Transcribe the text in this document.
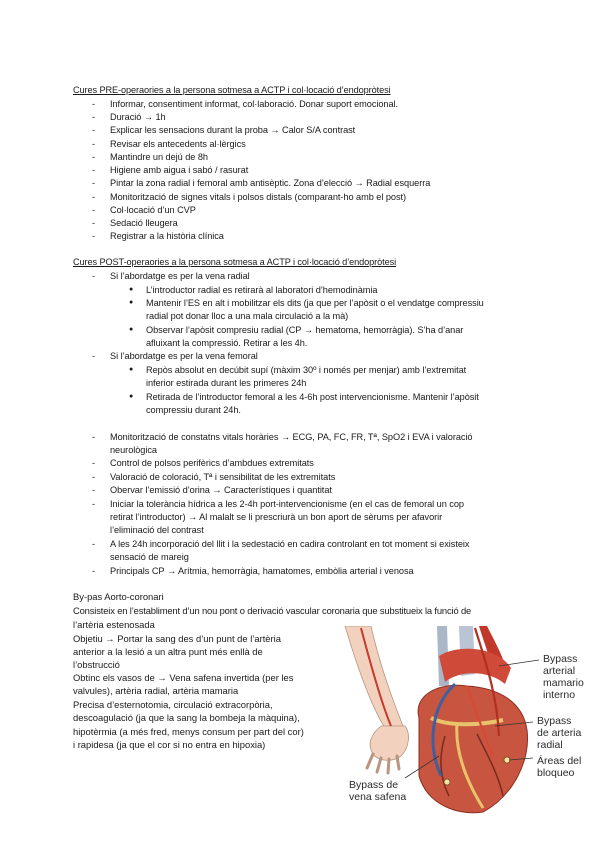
Cures PRE-operaories a la persona sotmesa a ACTP i col·locació d’endopròtesi
- Informar, consentiment informat, col·laboració. Donar suport emocional.
- Duració → 1h
- Explicar les sensacions durant la proba → Calor S/A contrast
- Revisar els antecedents al·lèrgics
- Mantindre un dejú de 8h
- Higiene amb aigua i sabó / rasurat
- Pintar la zona radial i femoral amb antisèptic. Zona d’elecció → Radial esquerra
- Monitorització de signes vitals i polsos distals (comparant-ho amb el post)
- Col·locació d’un CVP
- Sedació lleugera
- Registrar a la història clínica
Cures POST-operaories a la persona sotmesa a ACTP i col·locació d’endopròtesi
- Si l’abordatge es per la vena radial
● L’introductor radial es retirarà al laboratori d’hemodinàmia
● Mantenir l’ES en alt i mobilitzar els dits (ja que per l’apòsit o el vendatge compressiu
radial pot donar lloc a una mala circulació a la mà)
● Observar l’apòsit compresiu radial (CP → hematoma, hemorràgia). S’ha d’anar
afluixant la compressió. Retirar a les 4h.
- Si l’abordatge es per la vena femoral
● Repòs absolut en decúbit supí (màxim 30º i només per menjar) amb l’extremitat
inferior estirada durant les primeres 24h
● Retirada de l’introductor femoral a les 4-6h post intervencionisme. Mantenir l’apòsit
compressiu durant 24h.
- Monitorització de constatns vitals horàries → ECG, PA, FC, FR, Tª, SpO2 i EVA i valoració
neurològica
- Control de polsos perifèrics d’ambdues extremitats
- Valoració de coloració, Tª i sensibilitat de les extremitats
- Obervar l’emissió d’orina → Característiques i quantitat
- Iniciar la tolerància hídrica a les 2-4h port-intervencionisme (en el cas de femoral un cop
retirat l’introductor) → Al malalt se li prescriurà un bon aport de sèrums per afavorir
l’eliminació del contrast
- A les 24h incorporació del llit i la sedestació en cadira controlant en tot moment si existeix
sensació de mareig
- Principals CP → Arítmia, hemorràgia, hamatomes, embòlia arterial i venosa
By-pas Aorto-coronari
Consisteix en l’establiment d’un nou pont o derivació vascular coronaria que substitueix la funció de
l’artèria estenosada
Objetiu → Portar la sang des d’un punt de l’artèria
anterior a la lesió a un altra punt més enllà de
l’obstrucció
Obtinc els vasos de → Vena safena invertida (per les
valvules), artèria radial, artèria mamaria
Precisa d’esternotomia, circulació extracorpòria,
descoagulació (ja que la sang la bombeja la màquina),
hipotèrmia (a més fred, menys consum per part del cor)
i rapidesa (ja que el cor si no entra en hipoxia)
Bypass
arterial
mamario
interno
Bypass
de arteria
radial
Áreas del
bloqueo
Bypass de
vena safena
